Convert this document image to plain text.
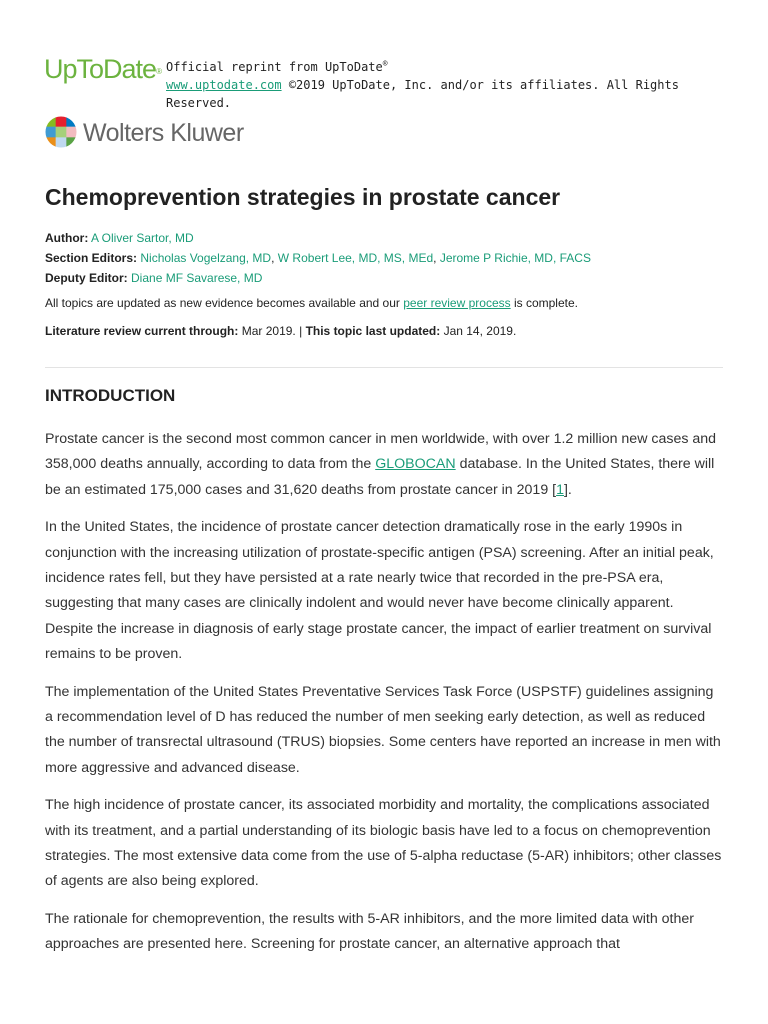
UpToDate® Official reprint from UpToDate®
www.uptodate.com ©2019 UpToDate, Inc. and/or its affiliates. All Rights Reserved.
Wolters Kluwer
Chemoprevention strategies in prostate cancer
Author: A Oliver Sartor, MD
Section Editors: Nicholas Vogelzang, MD, W Robert Lee, MD, MS, MEd, Jerome P Richie, MD, FACS
Deputy Editor: Diane MF Savarese, MD
All topics are updated as new evidence becomes available and our peer review process is complete.
Literature review current through: Mar 2019. | This topic last updated: Jan 14, 2019.
INTRODUCTION

Prostate cancer is the second most common cancer in men worldwide, with over 1.2 million new cases and 358,000 deaths annually, according to data from the GLOBOCAN database. In the United States, there will be an estimated 175,000 cases and 31,620 deaths from prostate cancer in 2019 [1].

In the United States, the incidence of prostate cancer detection dramatically rose in the early 1990s in conjunction with the increasing utilization of prostate-specific antigen (PSA) screening. After an initial peak, incidence rates fell, but they have persisted at a rate nearly twice that recorded in the pre-PSA era, suggesting that many cases are clinically indolent and would never have become clinically apparent. Despite the increase in diagnosis of early stage prostate cancer, the impact of earlier treatment on survival remains to be proven.

The implementation of the United States Preventative Services Task Force (USPSTF) guidelines assigning a recommendation level of D has reduced the number of men seeking early detection, as well as reduced the number of transrectal ultrasound (TRUS) biopsies. Some centers have reported an increase in men with more aggressive and advanced disease.

The high incidence of prostate cancer, its associated morbidity and mortality, the complications associated with its treatment, and a partial understanding of its biologic basis have led to a focus on chemoprevention strategies. The most extensive data come from the use of 5-alpha reductase (5-AR) inhibitors; other classes of agents are also being explored.

The rationale for chemoprevention, the results with 5-AR inhibitors, and the more limited data with other approaches are presented here. Screening for prostate cancer, an alternative approach that
